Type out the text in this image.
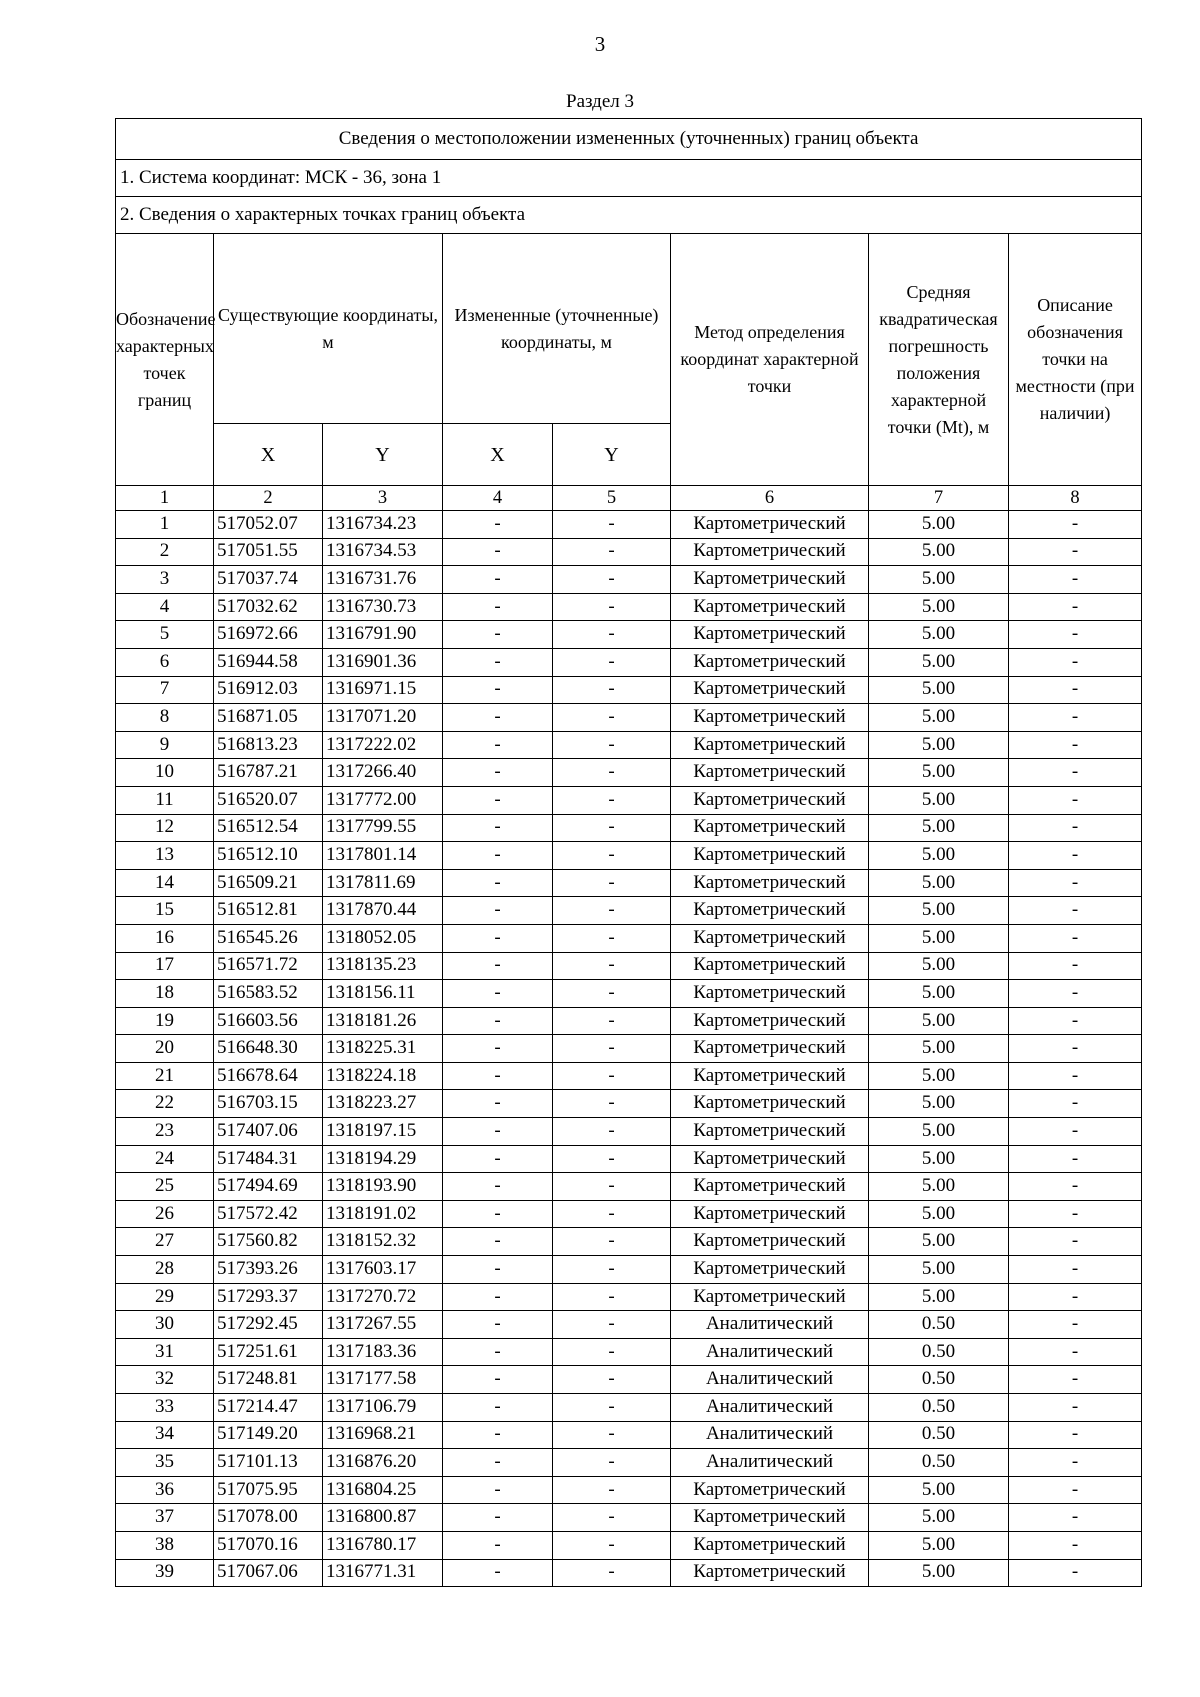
3
Раздел 3
Сведения о местоположении измененных (уточненных) границ объекта							
1. Система координат: МСК - 36, зона 1							
2. Сведения о характерных точках границ объекта							
Обозначение характерных точек границ	Существующие координаты, м		Измененные (уточненные) координаты, м		Метод определения координат характерной точки	Средняя квадратическая погрешность положения характерной точки (Mt), м	Описание обозначения точки на местности (при наличии)
	X	Y	X	Y			
1	2	3	4	5	6	7	8
1	517052.07	1316734.23	-	-	Картометрический	5.00	-
2	517051.55	1316734.53	-	-	Картометрический	5.00	-
3	517037.74	1316731.76	-	-	Картометрический	5.00	-
4	517032.62	1316730.73	-	-	Картометрический	5.00	-
5	516972.66	1316791.90	-	-	Картометрический	5.00	-
6	516944.58	1316901.36	-	-	Картометрический	5.00	-
7	516912.03	1316971.15	-	-	Картометрический	5.00	-
8	516871.05	1317071.20	-	-	Картометрический	5.00	-
9	516813.23	1317222.02	-	-	Картометрический	5.00	-
10	516787.21	1317266.40	-	-	Картометрический	5.00	-
11	516520.07	1317772.00	-	-	Картометрический	5.00	-
12	516512.54	1317799.55	-	-	Картометрический	5.00	-
13	516512.10	1317801.14	-	-	Картометрический	5.00	-
14	516509.21	1317811.69	-	-	Картометрический	5.00	-
15	516512.81	1317870.44	-	-	Картометрический	5.00	-
16	516545.26	1318052.05	-	-	Картометрический	5.00	-
17	516571.72	1318135.23	-	-	Картометрический	5.00	-
18	516583.52	1318156.11	-	-	Картометрический	5.00	-
19	516603.56	1318181.26	-	-	Картометрический	5.00	-
20	516648.30	1318225.31	-	-	Картометрический	5.00	-
21	516678.64	1318224.18	-	-	Картометрический	5.00	-
22	516703.15	1318223.27	-	-	Картометрический	5.00	-
23	517407.06	1318197.15	-	-	Картометрический	5.00	-
24	517484.31	1318194.29	-	-	Картометрический	5.00	-
25	517494.69	1318193.90	-	-	Картометрический	5.00	-
26	517572.42	1318191.02	-	-	Картометрический	5.00	-
27	517560.82	1318152.32	-	-	Картометрический	5.00	-
28	517393.26	1317603.17	-	-	Картометрический	5.00	-
29	517293.37	1317270.72	-	-	Картометрический	5.00	-
30	517292.45	1317267.55	-	-	Аналитический	0.50	-
31	517251.61	1317183.36	-	-	Аналитический	0.50	-
32	517248.81	1317177.58	-	-	Аналитический	0.50	-
33	517214.47	1317106.79	-	-	Аналитический	0.50	-
34	517149.20	1316968.21	-	-	Аналитический	0.50	-
35	517101.13	1316876.20	-	-	Аналитический	0.50	-
36	517075.95	1316804.25	-	-	Картометрический	5.00	-
37	517078.00	1316800.87	-	-	Картометрический	5.00	-
38	517070.16	1316780.17	-	-	Картометрический	5.00	-
39	517067.06	1316771.31	-	-	Картометрический	5.00	-
